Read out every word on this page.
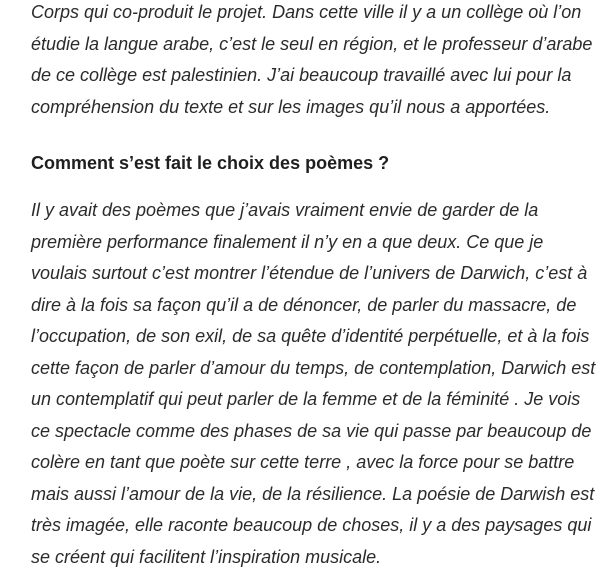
Corps qui co-produit le projet. Dans cette ville il y a un collège où l’on
étudie la langue arabe, c’est le seul en région, et le professeur d’arabe
de ce collège est palestinien. J’ai beaucoup travaillé avec lui pour la
compréhension du texte et sur les images qu’il nous a apportées.

Comment s’est fait le choix des poèmes ?

Il y avait des poèmes que j’avais vraiment envie de garder de la
première performance finalement il n’y en a que deux. Ce que je
voulais surtout c’est montrer l’étendue de l’univers de Darwich, c’est à
dire à la fois sa façon qu’il a de dénoncer, de parler du massacre, de
l’occupation, de son exil, de sa quête d’identité perpétuelle, et à la fois
cette façon de parler d’amour du temps, de contemplation, Darwich est
un contemplatif qui peut parler de la femme et de la féminité . Je vois
ce spectacle comme des phases de sa vie qui passe par beaucoup de
colère en tant que poète sur cette terre , avec la force pour se battre
mais aussi l’amour de la vie, de la résilience. La poésie de Darwish est
très imagée, elle raconte beaucoup de choses, il y a des paysages qui
se créent qui facilitent l’inspiration musicale.
